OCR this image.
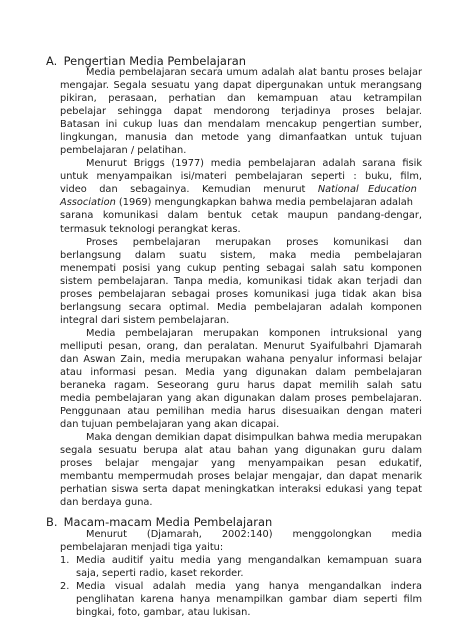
A. Pengertian Media Pembelajaran
Media pembelajaran secara umum adalah alat bantu proses belajar
mengajar. Segala sesuatu yang dapat dipergunakan untuk merangsang
pikiran, perasaan, perhatian dan kemampuan atau ketrampilan
pebelajar sehingga dapat mendorong terjadinya proses belajar.
Batasan ini cukup luas dan mendalam mencakup pengertian sumber,
lingkungan, manusia dan metode yang dimanfaatkan untuk tujuan
pembelajaran / pelatihan.
Menurut Briggs (1977) media pembelajaran adalah sarana fisik
untuk menyampaikan isi/materi pembelajaran seperti : buku, film,
video    dan    sebagainya.    Kemudian    menurut    National   Education
Association (1969) mengungkapkan bahwa media pembelajaran adalah
sarana komunikasi dalam bentuk cetak maupun pandang-dengar,
termasuk teknologi perangkat keras.
Proses pembelajaran merupakan proses komunikasi dan
berlangsung dalam suatu sistem, maka media pembelajaran
menempati posisi yang cukup penting sebagai salah satu komponen
sistem pembelajaran. Tanpa media, komunikasi tidak akan terjadi dan
proses pembelajaran sebagai proses komunikasi juga tidak akan bisa
berlangsung secara optimal. Media pembelajaran adalah komponen
integral dari sistem pembelajaran.
Media pembelajaran merupakan komponen intruksional yang
melliputi pesan, orang, dan peralatan. Menurut Syaifulbahri Djamarah
dan Aswan Zain, media merupakan wahana penyalur informasi belajar
atau informasi pesan. Media yang digunakan dalam pembelajaran
beraneka ragam. Seseorang guru harus dapat memilih salah satu
media pembelajaran yang akan digunakan dalam proses pembelajaran.
Penggunaan atau pemilihan media harus disesuaikan dengan materi
dan tujuan pembelajaran yang akan dicapai.
Maka dengan demikian dapat disimpulkan bahwa media merupakan
segala sesuatu berupa alat atau bahan yang digunakan guru dalam
proses belajar mengajar yang menyampaikan pesan edukatif,
membantu mempermudah proses belajar mengajar, dan dapat menarik
perhatian siswa serta dapat meningkatkan interaksi edukasi yang tepat
dan berdaya guna.
B. Macam-macam Media Pembelajaran
Menurut (Djamarah, 2002:140) menggolongkan media
pembelajaran menjadi tiga yaitu:
1. Media auditif yaitu media yang mengandalkan kemampuan suara
saja, seperti radio, kaset rekorder.
2. Media visual adalah media yang hanya mengandalkan indera
penglihatan karena hanya menampilkan gambar diam seperti film
bingkai, foto, gambar, atau lukisan.
